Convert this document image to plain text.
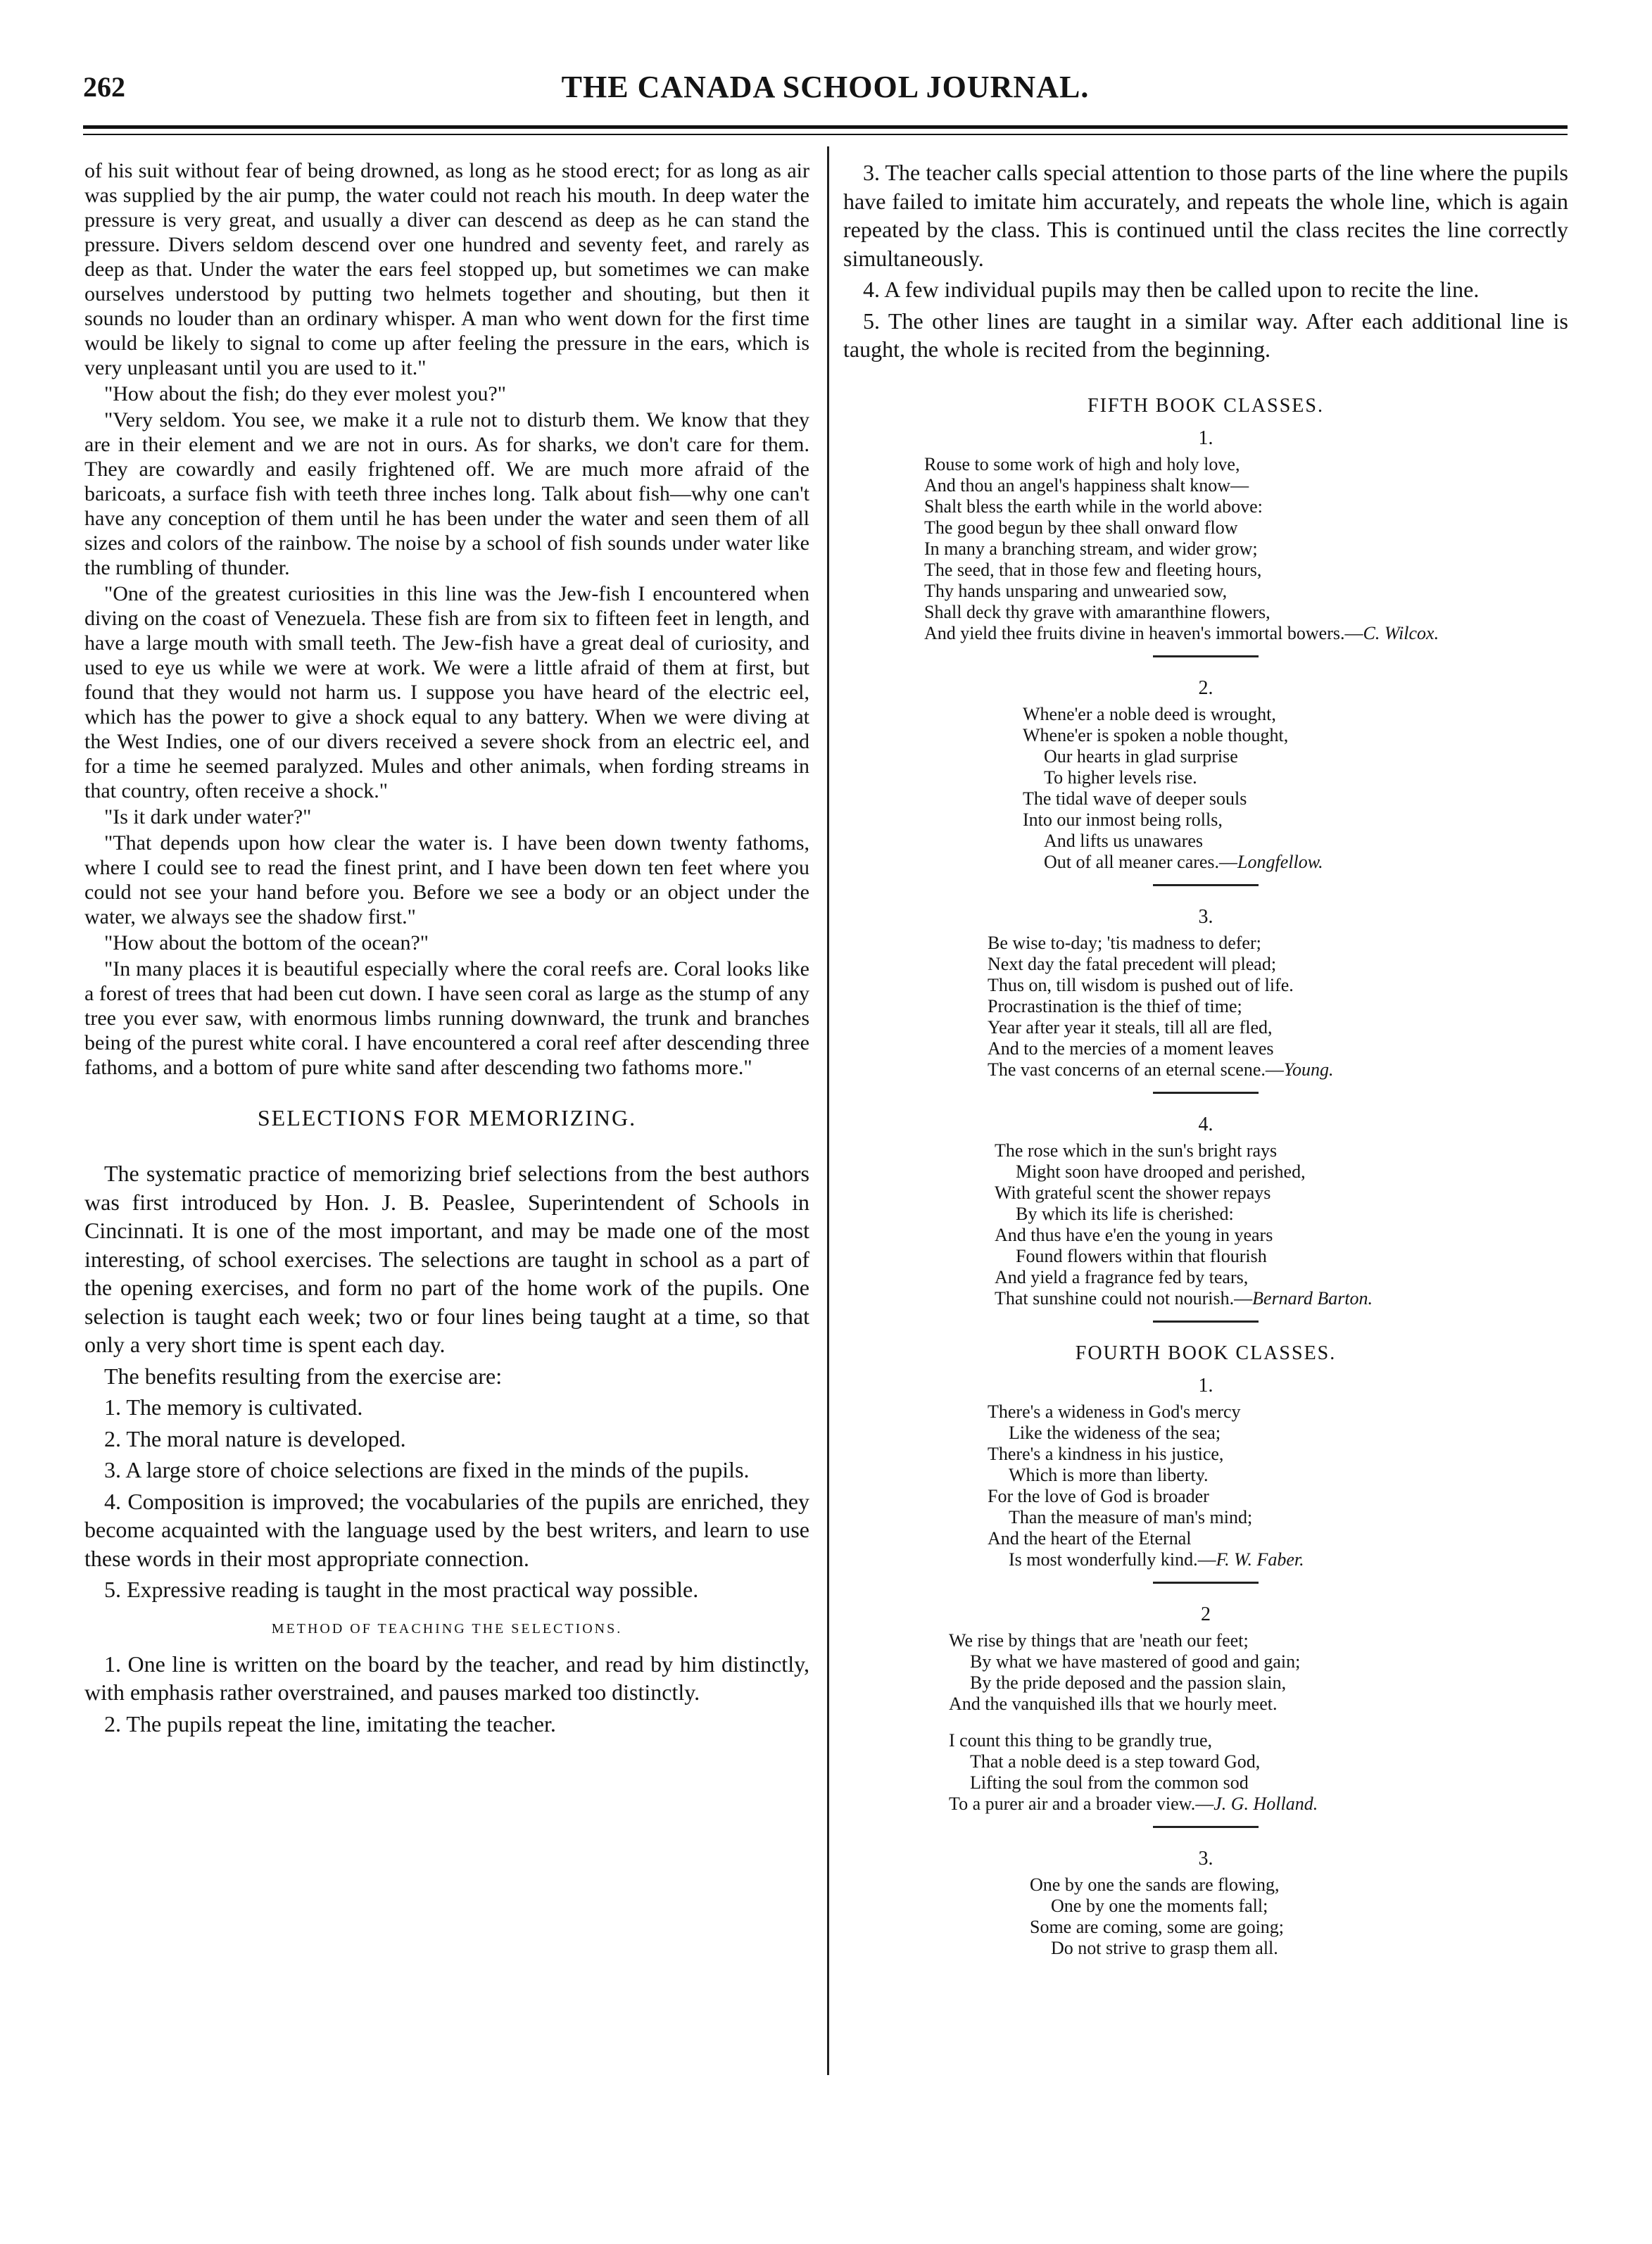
262	THE CANADA SCHOOL JOURNAL.

of his suit without fear of being drowned, as long as he stood erect; for as long as air was supplied by the air pump, the water could not reach his mouth. In deep water the pressure is very great, and usually a diver can descend as deep as he can stand the pressure. Divers seldom descend over one hundred and seventy feet, and rarely as deep as that. Under the water the ears feel stopped up, but sometimes we can make ourselves understood by putting two helmets together and shouting, but then it sounds no louder than an ordinary whisper. A man who went down for the first time would be likely to signal to come up after feeling the pressure in the ears, which is very unpleasant until you are used to it."

"How about the fish; do they ever molest you?"

"Very seldom. You see, we make it a rule not to disturb them. We know that they are in their element and we are not in ours. As for sharks, we don't care for them. They are cowardly and easily frightened off. We are much more afraid of the baricoats, a surface fish with teeth three inches long. Talk about fish—why one can't have any conception of them until he has been under the water and seen them of all sizes and colors of the rainbow. The noise by a school of fish sounds under water like the rumbling of thunder.

"One of the greatest curiosities in this line was the Jew-fish I encountered when diving on the coast of Venezuela. These fish are from six to fifteen feet in length, and have a large mouth with small teeth. The Jew-fish have a great deal of curiosity, and used to eye us while we were at work. We were a little afraid of them at first, but found that they would not harm us. I suppose you have heard of the electric eel, which has the power to give a shock equal to any battery. When we were diving at the West Indies, one of our divers received a severe shock from an electric eel, and for a time he seemed paralyzed. Mules and other animals, when fording streams in that country, often receive a shock."

"Is it dark under water?"

"That depends upon how clear the water is. I have been down twenty fathoms, where I could see to read the finest print, and I have been down ten feet where you could not see your hand before you. Before we see a body or an object under the water, we always see the shadow first."

"How about the bottom of the ocean?"

"In many places it is beautiful especially where the coral reefs are. Coral looks like a forest of trees that had been cut down. I have seen coral as large as the stump of any tree you ever saw, with enormous limbs running downward, the trunk and branches being of the purest white coral. I have encountered a coral reef after descending three fathoms, and a bottom of pure white sand after descending two fathoms more."

SELECTIONS FOR MEMORIZING.

The systematic practice of memorizing brief selections from the best authors was first introduced by Hon. J. B. Peaslee, Superintendent of Schools in Cincinnati. It is one of the most important, and may be made one of the most interesting, of school exercises. The selections are taught in school as a part of the opening exercises, and form no part of the home work of the pupils. One selection is taught each week; two or four lines being taught at a time, so that only a very short time is spent each day.

The benefits resulting from the exercise are:

1. The memory is cultivated.

2. The moral nature is developed.

3. A large store of choice selections are fixed in the minds of the pupils.

4. Composition is improved; the vocabularies of the pupils are enriched, they become acquainted with the language used by the best writers, and learn to use these words in their most appropriate connection.

5. Expressive reading is taught in the most practical way possible.

METHOD OF TEACHING THE SELECTIONS.

1. One line is written on the board by the teacher, and read by him distinctly, with emphasis rather overstrained, and pauses marked too distinctly.

2. The pupils repeat the line, imitating the teacher.

3. The teacher calls special attention to those parts of the line where the pupils have failed to imitate him accurately, and repeats the whole line, which is again repeated by the class. This is continued until the class recites the line correctly simultaneously.

4. A few individual pupils may then be called upon to recite the line.

5. The other lines are taught in a similar way. After each additional line is taught, the whole is recited from the beginning.

FIFTH BOOK CLASSES.
1.
Rouse to some work of high and holy love,
And thou an angel's happiness shalt know—
Shalt bless the earth while in the world above:
The good begun by thee shall onward flow
In many a branching stream, and wider grow;
The seed, that in those few and fleeting hours,
Thy hands unsparing and unwearied sow,
Shall deck thy grave with amaranthine flowers,
And yield thee fruits divine in heaven's immortal bowers.—C. Wilcox.
2.
Whene'er a noble deed is wrought,
Whene'er is spoken a noble thought,
Our hearts in glad surprise
To higher levels rise.
The tidal wave of deeper souls
Into our inmost being rolls,
And lifts us unawares
Out of all meaner cares.—Longfellow.
3.
Be wise to-day; 'tis madness to defer;
Next day the fatal precedent will plead;
Thus on, till wisdom is pushed out of life.
Procrastination is the thief of time;
Year after year it steals, till all are fled,
And to the mercies of a moment leaves
The vast concerns of an eternal scene.—Young.
4.
The rose which in the sun's bright rays
Might soon have drooped and perished,
With grateful scent the shower repays
By which its life is cherished:
And thus have e'en the young in years
Found flowers within that flourish
And yield a fragrance fed by tears,
That sunshine could not nourish.—Bernard Barton.
FOURTH BOOK CLASSES.
1.
There's a wideness in God's mercy
Like the wideness of the sea;
There's a kindness in his justice,
Which is more than liberty.
For the love of God is broader
Than the measure of man's mind;
And the heart of the Eternal
Is most wonderfully kind.—F. W. Faber.
2
We rise by things that are 'neath our feet;
By what we have mastered of good and gain;
By the pride deposed and the passion slain,
And the vanquished ills that we hourly meet.
I count this thing to be grandly true,
That a noble deed is a step toward God,
Lifting the soul from the common sod
To a purer air and a broader view.—J. G. Holland.
3.
One by one the sands are flowing,
One by one the moments fall;
Some are coming, some are going;
Do not strive to grasp them all.
